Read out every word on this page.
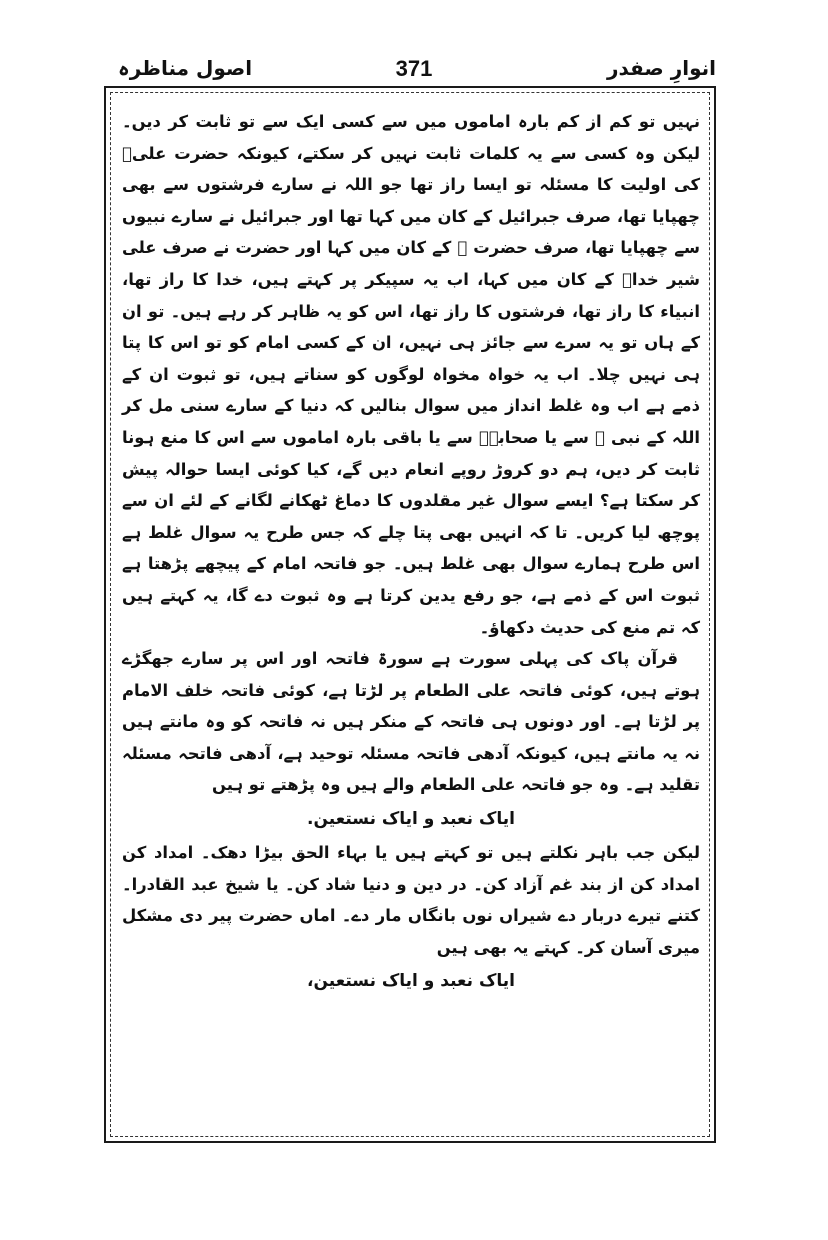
اصول مناظرہ	371	انوارِ صفدر

نہیں تو کم از کم بارہ اماموں میں سے کسی ایک سے تو ثابت کر دیں۔لیکن وہ کسی سے یہ کلمات ثابت نہیں کر سکتے، کیونکہ حضرت علیؓ کی اولیت کا مسئلہ تو ایسا راز تھا جو اللہ نے سارے فرشتوں سے بھی چھپایا تھا، صرف جبرائیل کے کان میں کہا تھا اور جبرائیل نے سارے نبیوں سے چھپایا تھا، صرف حضرت ﷺ کے کان میں کہا اور حضرت نے صرف علی شیر خداؓ کے کان میں کہا، اب یہ سپیکر پر کہتے ہیں، خدا کا راز تھا، انبیاء کا راز تھا، فرشتوں کا راز تھا، اس کو یہ ظاہر کر رہے ہیں۔ تو ان کے ہاں تو یہ سرے سے جائز ہی نہیں، ان کے کسی امام کو تو اس کا پتا ہی نہیں چلا۔ اب یہ خواہ مخواہ لوگوں کو سناتے ہیں، تو ثبوت ان کے ذمے ہے اب وہ غلط انداز میں سوال بنالیں کہ دنیا کے سارے سنی مل کر اللہ کے نبی ﷺ سے یا صحابہؓ سے یا باقی بارہ اماموں سے اس کا منع ہونا ثابت کر دیں، ہم دو کروڑ روپے انعام دیں گے، کیا کوئی ایسا حوالہ پیش کر سکتا ہے؟ ایسے سوال غیر مقلدوں کا دماغ ٹھکانے لگانے کے لئے ان سے پوچھ لیا کریں۔ تا کہ انہیں بھی پتا چلے کہ جس طرح یہ سوال غلط ہے اس طرح ہمارے سوال بھی غلط ہیں۔ جو فاتحہ امام کے پیچھے پڑھتا ہے ثبوت اس کے ذمے ہے، جو رفع یدین کرتا ہے وہ ثبوت دے گا، یہ کہتے ہیں کہ تم منع کی حدیث دکھاؤ۔

قرآن پاک کی پہلی سورت ہے سورۃ فاتحہ اور اس پر سارے جھگڑے ہوتے ہیں، کوئی فاتحہ علی الطعام پر لڑتا ہے، کوئی فاتحہ خلف الامام پر لڑتا ہے۔ اور دونوں ہی فاتحہ کے منکر ہیں نہ فاتحہ کو وہ مانتے ہیں نہ یہ مانتے ہیں، کیونکہ آدھی فاتحہ مسئلہ توحید ہے، آدھی فاتحہ مسئلہ تقلید ہے۔ وہ جو فاتحہ علی الطعام والے ہیں وہ پڑھتے تو ہیں

ایاک نعبد و ایاک نستعین.

لیکن جب باہر نکلتے ہیں تو کہتے ہیں یا بہاء الحق بیڑا دھک۔ امداد کن امداد کن از بند غم آزاد کن۔ در دین و دنیا شاد کن۔ یا شیخ عبد القادرا۔ کتنے تیرے دربار دے شیراں نوں بانگاں مار دے۔ اماں حضرت پیر دی مشکل میری آسان کر۔ کہتے یہ بھی ہیں

ایاک نعبد و ایاک نستعین،
